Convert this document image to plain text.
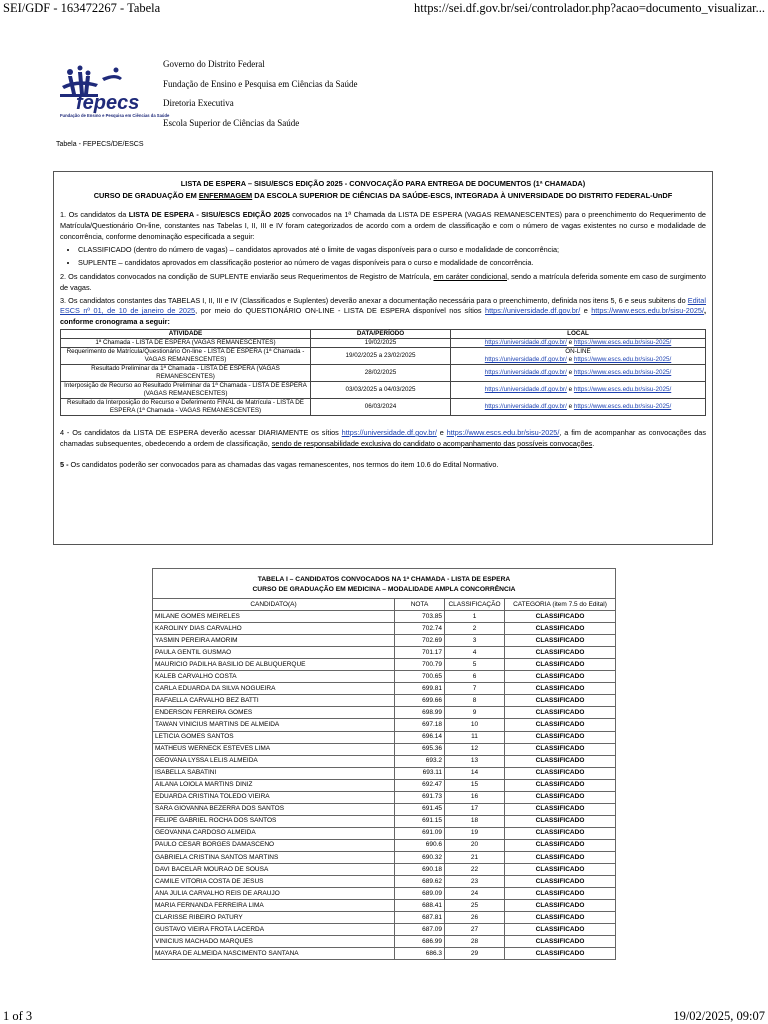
SEI/GDF - 163472267 - Tabela	https://sei.df.gov.br/sei/controlador.php?acao=documento_visualizar...
fepecs
Fundação de Ensino e Pesquisa em Ciências da Saúde
Governo do Distrito Federal
Fundação de Ensino e Pesquisa em Ciências da Saúde
Diretoria Executiva
Escola Superior de Ciências da Saúde
Tabela - FEPECS/DE/ESCS
LISTA DE ESPERA – SISU/ESCS EDIÇÃO 2025 - CONVOCAÇÃO PARA ENTREGA DE DOCUMENTOS (1ª CHAMADA)
CURSO DE GRADUAÇÃO EM ENFERMAGEM DA ESCOLA SUPERIOR DE CIÊNCIAS DA SAÚDE-ESCS, INTEGRADA À UNIVERSIDADE DO DISTRITO FEDERAL-UnDF

1. Os candidatos da LISTA DE ESPERA - SISU/ESCS EDIÇÃO 2025 convocados na 1ª Chamada da LISTA DE ESPERA (VAGAS REMANESCENTES) para o preenchimento do Requerimento de Matrícula/Questionário On-line, constantes nas Tabelas I, II, III e IV foram categorizados de acordo com a ordem de classificação e com o número de vagas existentes no curso e modalidade de concorrência, conforme denominação especificada a seguir:

• CLASSIFICADO (dentro do número de vagas) – candidatos aprovados até o limite de vagas disponíveis para o curso e modalidade de concorrência;
• SUPLENTE – candidatos aprovados em classificação posterior ao número de vagas disponíveis para o curso e modalidade de concorrência.

2. Os candidatos convocados na condição de SUPLENTE enviarão seus Requerimentos de Registro de Matrícula, em caráter condicional, sendo a matrícula deferida somente em caso de surgimento de vagas.

3. Os candidatos constantes das TABELAS I, II, III e IV (Classificados e Suplentes) deverão anexar a documentação necessária para o preenchimento, definida nos itens 5, 6 e seus subitens do Edital ESCS nº 01, de 10 de janeiro de 2025, por meio do QUESTIONÁRIO ON-LINE - LISTA DE ESPERA disponível nos sítios https://universidade.df.gov.br/ e https://www.escs.edu.br/sisu-2025/, conforme cronograma a seguir:

ATIVIDADE	DATA/PERÍODO	LOCAL
1ª Chamada - LISTA DE ESPERA (VAGAS REMANESCENTES)	19/02/2025	https://universidade.df.gov.br/ e https://www.escs.edu.br/sisu-2025/
Requerimento de Matrícula/Questionário On-line - LISTA DE ESPERA (1ª Chamada - VAGAS REMANESCENTES)	19/02/2025 a 23/02/2025	ON-LINE
https://universidade.df.gov.br/ e https://www.escs.edu.br/sisu-2025/
Resultado Preliminar da 1ª Chamada - LISTA DE ESPERA (VAGAS REMANESCENTES)	28/02/2025	https://universidade.df.gov.br/ e https://www.escs.edu.br/sisu-2025/
Interposição de Recurso ao Resultado Preliminar da 1ª Chamada - LISTA DE ESPERA (VAGAS REMANESCENTES)	03/03/2025 a 04/03/2025	https://universidade.df.gov.br/ e https://www.escs.edu.br/sisu-2025/
Resultado da Interposição do Recurso e Deferimento FINAL de Matrícula - LISTA DE ESPERA (1ª Chamada - VAGAS REMANESCENTES)	06/03/2024	https://universidade.df.gov.br/ e https://www.escs.edu.br/sisu-2025/

4 - Os candidatos da LISTA DE ESPERA deverão acessar DIARIAMENTE os sítios https://universidade.df.gov.br/ e https://www.escs.edu.br/sisu-2025/, a fim de acompanhar as convocações das chamadas subsequentes, obedecendo a ordem de classificação, sendo de responsabilidade exclusiva do candidato o acompanhamento das possíveis convocações.

5 - Os candidatos poderão ser convocados para as chamadas das vagas remanescentes, nos termos do item 10.6 do Edital Normativo.

TABELA I – CANDIDATOS CONVOCADOS NA 1ª CHAMADA - LISTA DE ESPERA
CURSO DE GRADUAÇÃO EM MEDICINA – MODALIDADE AMPLA CONCORRÊNCIA			

CANDIDATO(A)	NOTA	CLASSIFICAÇÃO	CATEGORIA (item 7.5 do Edital)
MILANE GOMES MEIRELES	703.85	1	CLASSIFICADO
KAROLINY DIAS CARVALHO	702.74	2	CLASSIFICADO
YASMIN PEREIRA AMORIM	702.69	3	CLASSIFICADO
PAULA GENTIL GUSMAO	701.17	4	CLASSIFICADO
MAURICIO PADILHA BASILIO DE ALBUQUERQUE	700.79	5	CLASSIFICADO
KALEB CARVALHO COSTA	700.65	6	CLASSIFICADO
CARLA EDUARDA DA SILVA NOGUEIRA	699.81	7	CLASSIFICADO
RAFAELLA CARVALHO BEZ BATTI	699.66	8	CLASSIFICADO
ENDERSON FERREIRA GOMES	698.99	9	CLASSIFICADO
TAWAN VINICIUS MARTINS DE ALMEIDA	697.18	10	CLASSIFICADO
LETICIA GOMES SANTOS	696.14	11	CLASSIFICADO
MATHEUS WERNECK ESTEVES LIMA	695.36	12	CLASSIFICADO
GEOVANA LYSSA LELIS ALMEIDA	693.2	13	CLASSIFICADO
ISABELLA SABATINI	693.11	14	CLASSIFICADO
AILANA LOIOLA MARTINS DINIZ	692.47	15	CLASSIFICADO
EDUARDA CRISTINA TOLEDO VIEIRA	691.73	16	CLASSIFICADO
SARA GIOVANNA BEZERRA DOS SANTOS	691.45	17	CLASSIFICADO
FELIPE GABRIEL ROCHA DOS SANTOS	691.15	18	CLASSIFICADO
GEOVANNA CARDOSO ALMEIDA	691.09	19	CLASSIFICADO
PAULO CESAR BORGES DAMASCENO	690.6	20	CLASSIFICADO
GABRIELA CRISTINA SANTOS MARTINS	690.32	21	CLASSIFICADO
DAVI BACELAR MOURAO DE SOUSA	690.18	22	CLASSIFICADO
CAMILE VITORIA COSTA DE JESUS	689.62	23	CLASSIFICADO
ANA JULIA CARVALHO REIS DE ARAUJO	689.09	24	CLASSIFICADO
MARIA FERNANDA FERREIRA LIMA	688.41	25	CLASSIFICADO
CLARISSE RIBEIRO PATURY	687.81	26	CLASSIFICADO
GUSTAVO VIEIRA FROTA LACERDA	687.09	27	CLASSIFICADO
VINICIUS MACHADO MARQUES	686.99	28	CLASSIFICADO
MAYARA DE ALMEIDA NASCIMENTO SANTANA	686.3	29	CLASSIFICADO
1 of 3	19/02/2025, 09:07
